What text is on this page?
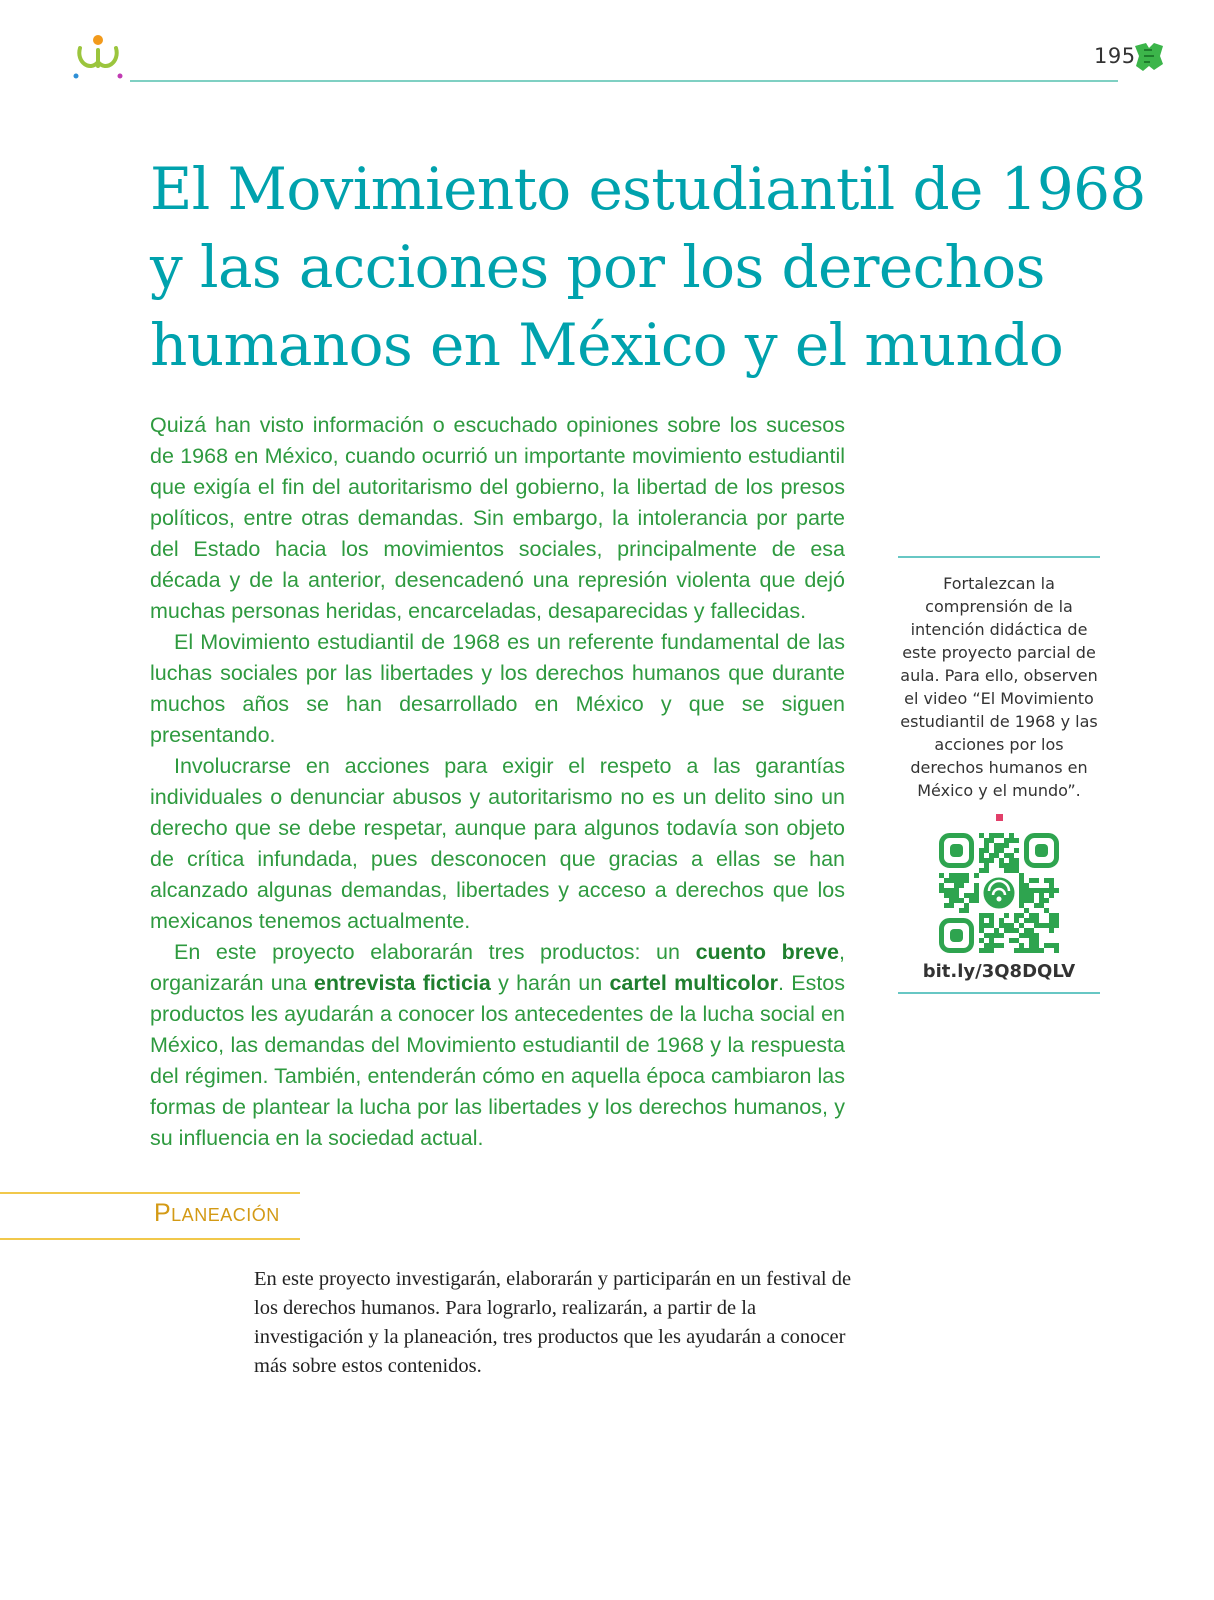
195
El Movimiento estudiantil de 1968
y las acciones por los derechos
humanos en México y el mundo

Quizá han visto información o escuchado opiniones sobre los sucesos de 1968 en México, cuando ocurrió un importante movimiento estudiantil que exigía el fin del autoritarismo del gobierno, la libertad de los presos políticos, entre otras demandas. Sin embargo, la intolerancia por parte del Estado hacia los movimientos sociales, principalmente de esa década y de la anterior, desencadenó una represión violenta que dejó muchas personas heridas, encarceladas, desaparecidas y fallecidas.

El Movimiento estudiantil de 1968 es un referente fundamental de las luchas sociales por las libertades y los derechos humanos que durante muchos años se han desarrollado en México y que se siguen presentando.

Involucrarse en acciones para exigir el respeto a las garantías individuales o denunciar abusos y autoritarismo no es un delito sino un derecho que se debe respetar, aunque para algunos todavía son objeto de crítica infundada, pues desconocen que gracias a ellas se han alcanzado algunas demandas, libertades y acceso a derechos que los mexicanos tenemos actualmente.

En este proyecto elaborarán tres productos: un cuento breve, organizarán una entrevista ficticia y harán un cartel multicolor. Estos productos les ayudarán a conocer los antecedentes de la lucha social en México, las demandas del Movimiento estudiantil de 1968 y la respuesta del régimen. También, entenderán cómo en aquella época cambiaron las formas de plantear la lucha por las libertades y los derechos humanos, y su influencia en la sociedad actual.

Fortalezcan la comprensión de la intención didáctica de este proyecto parcial de aula. Para ello, observen el video “El Movimiento estudiantil de 1968 y las acciones por los derechos humanos en México y el mundo”.

bit.ly/3Q8DQLV
Planeación

En este proyecto investigarán, elaborarán y participarán en un festival de los derechos humanos. Para lograrlo, realizarán, a partir de la investigación y la planeación, tres productos que les ayudarán a conocer más sobre estos contenidos.
